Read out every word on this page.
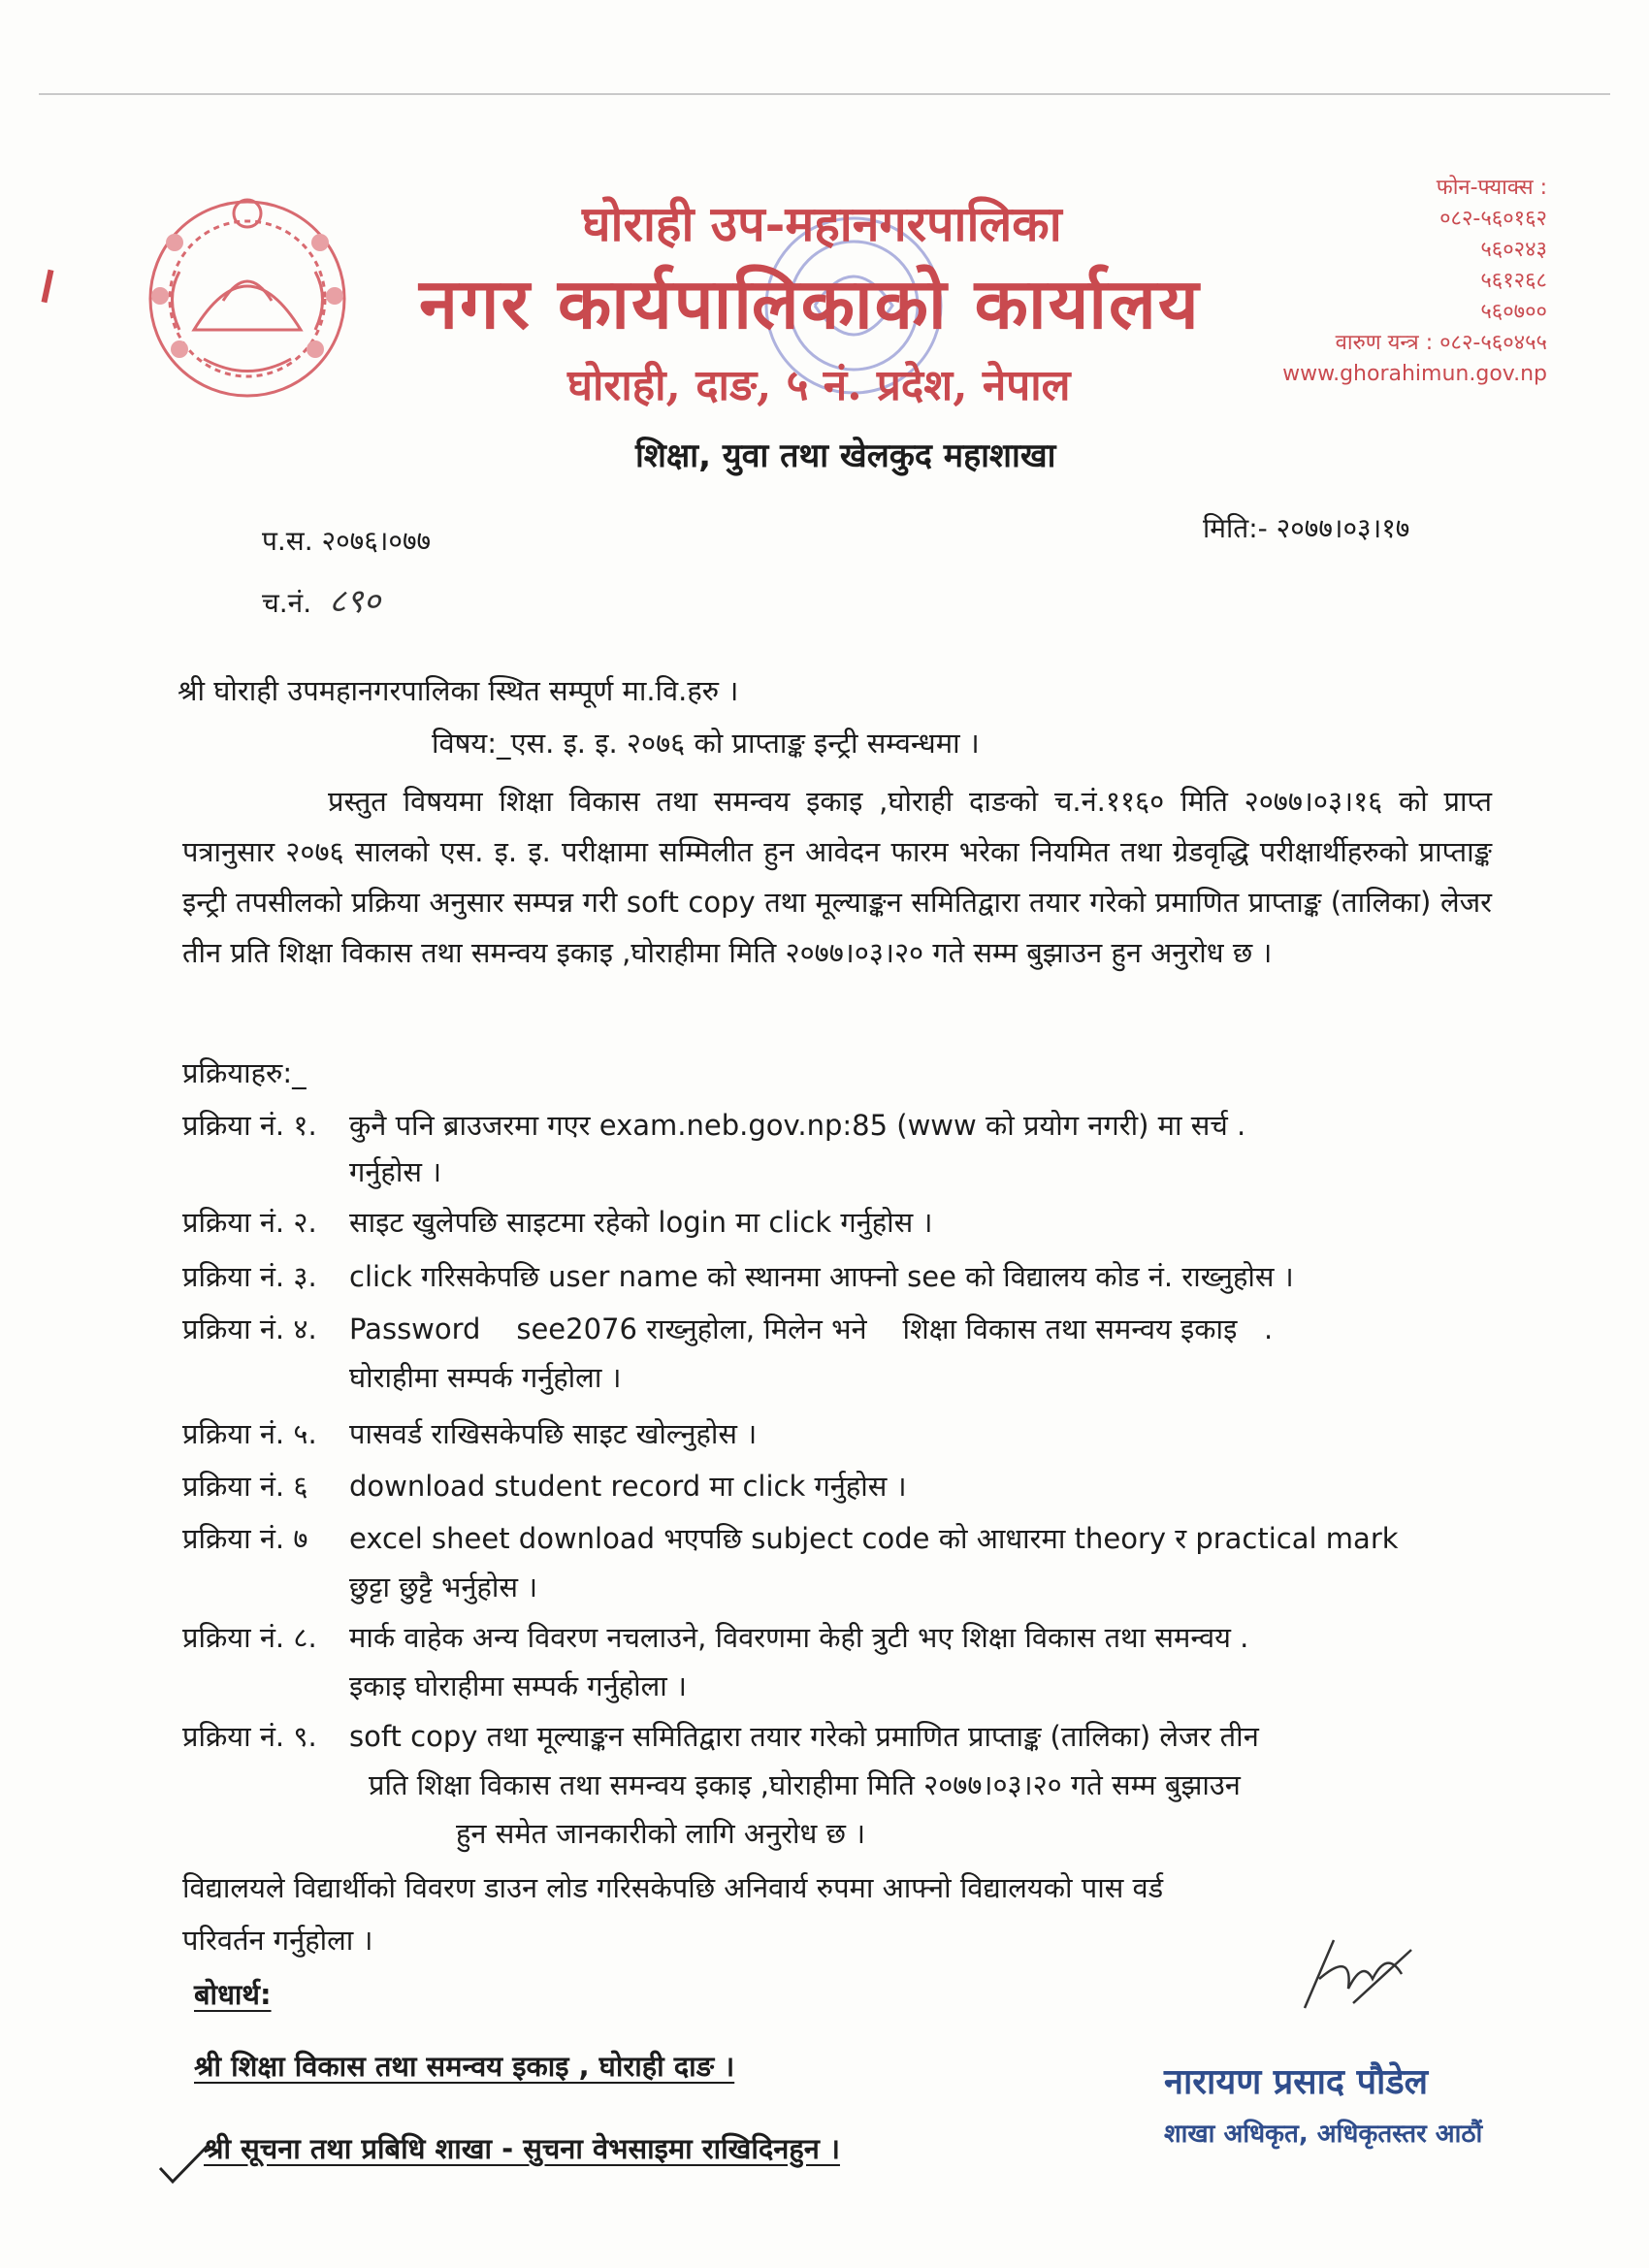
घोराही उप-महानगरपालिका
नगर कार्यपालिकाको कार्यालय
घोराही, दाङ, ५ नं. प्रदेश, नेपाल
शिक्षा, युवा तथा खेलकुद महाशाखा
फोन-फ्याक्स :
०८२-५६०१६२
५६०२४३
५६१२६८
५६०७००
वारुण यन्त्र : ०८२-५६०४५५
www.ghorahimun.gov.np
प.स. २०७६।०७७
च.नं. ८९०
मिति:- २०७७।०३।१७
श्री घोराही उपमहानगरपालिका स्थित सम्पूर्ण मा.वि.हरु ।
विषय:_एस. इ. इ. २०७६ को प्राप्ताङ्क इन्ट्री सम्वन्धमा ।
प्रस्तुत विषयमा शिक्षा विकास तथा समन्वय इकाइ ,घोराही दाङको च.नं.११६० मिति २०७७।०३।१६ को प्राप्त पत्रानुसार २०७६ सालको एस. इ. इ. परीक्षामा सम्मिलीत हुन आवेदन फारम भरेका नियमित तथा ग्रेडवृद्धि परीक्षार्थीहरुको प्राप्ताङ्क इन्ट्री तपसीलको प्रक्रिया अनुसार सम्पन्न गरी soft copy तथा मूल्याङ्कन समितिद्वारा तयार गरेको प्रमाणित प्राप्ताङ्क (तालिका) लेजर तीन प्रति शिक्षा विकास तथा समन्वय इकाइ ,घोराहीमा मिति २०७७।०३।२० गते सम्म बुझाउन हुन अनुरोध छ ।
प्रक्रियाहरु:_
प्रक्रिया नं. १. कुनै पनि ब्राउजरमा गएर exam.neb.gov.np:85 (www को प्रयोग नगरी) मा सर्च .
गर्नुहोस ।
प्रक्रिया नं. २. साइट खुलेपछि साइटमा रहेको login मा click गर्नुहोस ।
प्रक्रिया नं. ३. click गरिसकेपछि user name को स्थानमा आफ्नो see को विद्यालय कोड नं. राख्नुहोस ।
प्रक्रिया नं. ४. Password    see2076 राख्नुहोला, मिलेन भने    शिक्षा विकास तथा समन्वय इकाइ   .
घोराहीमा सम्पर्क गर्नुहोला ।
प्रक्रिया नं. ५. पासवर्ड राखिसकेपछि साइट खोल्नुहोस ।
प्रक्रिया नं. ६ download student record मा click गर्नुहोस ।
प्रक्रिया नं. ७ excel sheet download भएपछि subject code को आधारमा theory र practical mark
छुट्टा छुट्टै भर्नुहोस ।
प्रक्रिया नं. ८. मार्क वाहेक अन्य विवरण नचलाउने, विवरणमा केही त्रुटी भए शिक्षा विकास तथा समन्वय .
इकाइ घोराहीमा सम्पर्क गर्नुहोला ।
प्रक्रिया नं. ९. soft copy तथा मूल्याङ्कन समितिद्वारा तयार गरेको प्रमाणित प्राप्ताङ्क (तालिका) लेजर तीन
प्रति शिक्षा विकास तथा समन्वय इकाइ ,घोराहीमा मिति २०७७।०३।२० गते सम्म बुझाउन
हुन समेत जानकारीको लागि अनुरोध छ ।
विद्यालयले विद्यार्थीको विवरण डाउन लोड गरिसकेपछि अनिवार्य रुपमा आफ्नो विद्यालयको पास वर्ड
परिवर्तन गर्नुहोला ।
बोधार्थ:
श्री शिक्षा विकास तथा समन्वय इकाइ , घोराही दाङ ।
श्री सूचना तथा प्रबिधि शाखा - सुचना वेभसाइमा राखिदिनहुन ।
नारायण प्रसाद पौडेल
शाखा अधिकृत, अधिकृतस्तर आठौं
